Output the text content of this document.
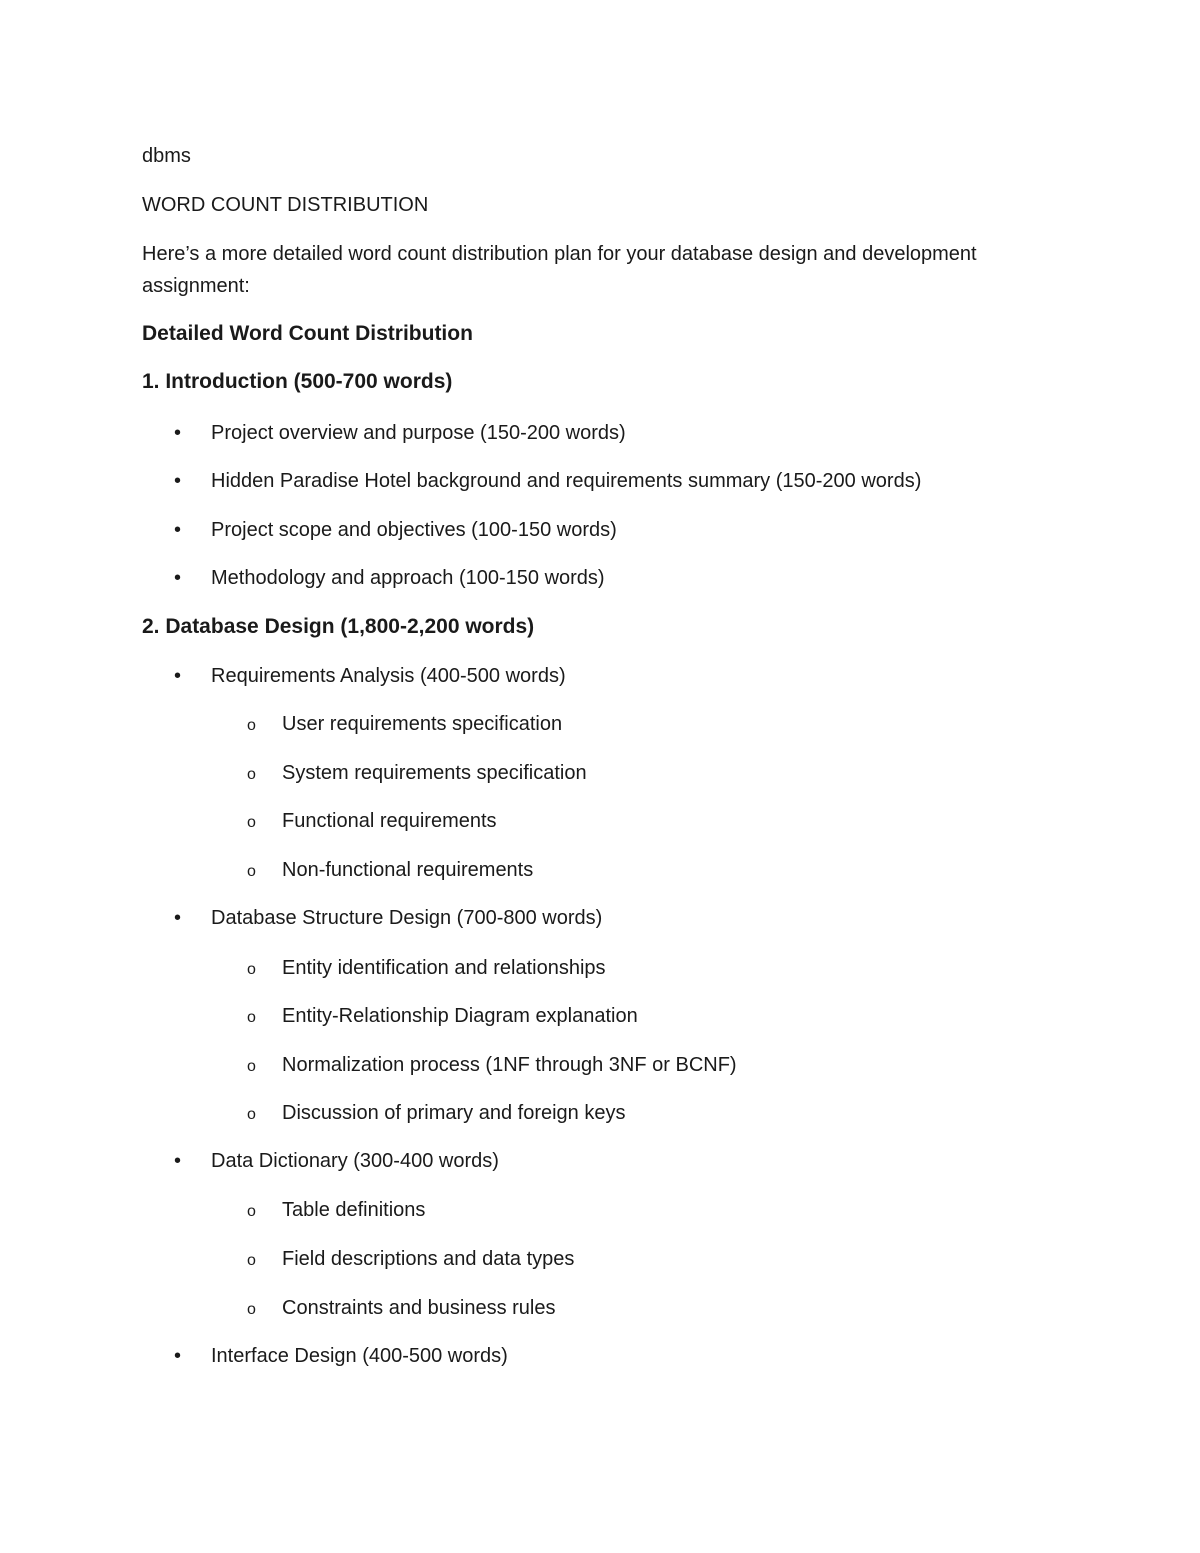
dbms
WORD COUNT DISTRIBUTION
Here’s a more detailed word count distribution plan for your database design and development assignment:
Detailed Word Count Distribution
1. Introduction (500-700 words)
• Project overview and purpose (150-200 words)
• Hidden Paradise Hotel background and requirements summary (150-200 words)
• Project scope and objectives (100-150 words)
• Methodology and approach (100-150 words)
2. Database Design (1,800-2,200 words)
• Requirements Analysis (400-500 words)
o User requirements specification
o System requirements specification
o Functional requirements
o Non-functional requirements
• Database Structure Design (700-800 words)
o Entity identification and relationships
o Entity-Relationship Diagram explanation
o Normalization process (1NF through 3NF or BCNF)
o Discussion of primary and foreign keys
• Data Dictionary (300-400 words)
o Table definitions
o Field descriptions and data types
o Constraints and business rules
• Interface Design (400-500 words)
